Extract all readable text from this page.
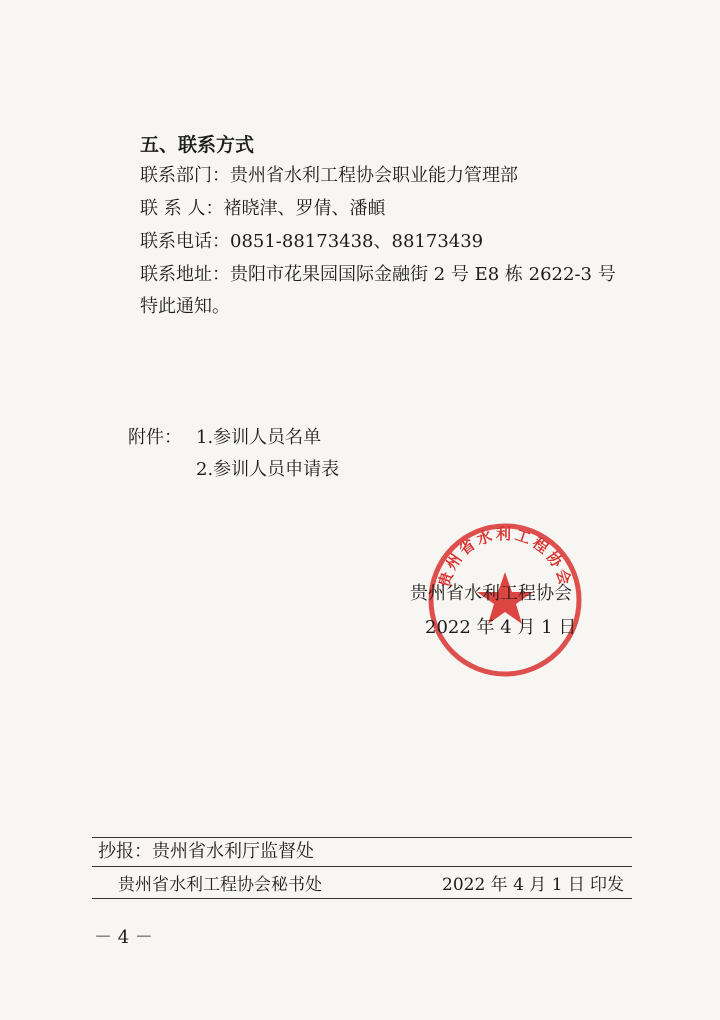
五、联系方式
联系部门：贵州省水利工程协会职业能力管理部
联 系 人：褚晓津、罗倩、潘頔
联系电话：0851-88173438、88173439
联系地址：贵阳市花果园国际金融街 2 号 E8 栋 2622-3 号
特此通知。
附件： 1.参训人员名单
2.参训人员申请表
贵州省水利工程协会
贵州省水利工程协会
2022 年 4 月 1 日
抄报：贵州省水利厅监督处
贵州省水利工程协会秘书处	2022 年 4 月 1 日 印发
－ 4 －
